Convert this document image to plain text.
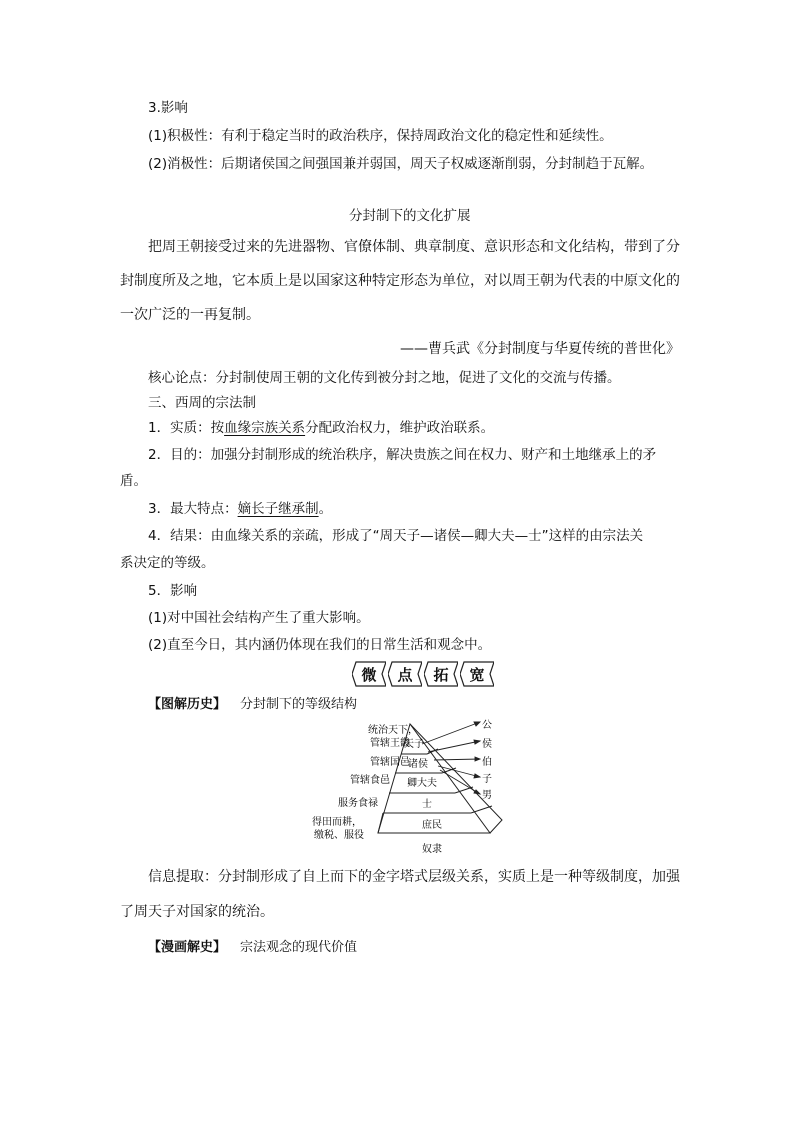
3.影响
(1)积极性：有利于稳定当时的政治秩序，保持周政治文化的稳定性和延续性。
(2)消极性：后期诸侯国之间强国兼并弱国，周天子权威逐渐削弱，分封制趋于瓦解。
分封制下的文化扩展
把周王朝接受过来的先进器物、官僚体制、典章制度、意识形态和文化结构，带到了分
封制度所及之地，它本质上是以国家这种特定形态为单位，对以周王朝为代表的中原文化的
一次广泛的一再复制。
——曹兵武《分封制度与华夏传统的普世化》
核心论点：分封制使周王朝的文化传到被分封之地，促进了文化的交流与传播。
三、西周的宗法制
1．实质：按血缘宗族关系分配政治权力，维护政治联系。
2．目的：加强分封制形成的统治秩序，解决贵族之间在权力、财产和土地继承上的矛
盾。
3．最大特点：嫡长子继承制。
4．结果：由血缘关系的亲疏，形成了“周天子—诸侯—卿大夫—士”这样的由宗法关
系决定的等级。
5．影响
(1)对中国社会结构产生了重大影响。
(2)直至今日，其内涵仍体现在我们的日常生活和观念中。
微 点 拓 宽
【图解历史】 分封制下的等级结构
天子
诸侯
卿大夫
士
庶民
奴隶
统治天下，
管辖王畿
管辖国邑
管辖食邑
服务食禄
得田而耕，
缴税、服役
公
侯
伯
子
男
信息提取：分封制形成了自上而下的金字塔式层级关系，实质上是一种等级制度，加强
了周天子对国家的统治。
【漫画解史】 宗法观念的现代价值
